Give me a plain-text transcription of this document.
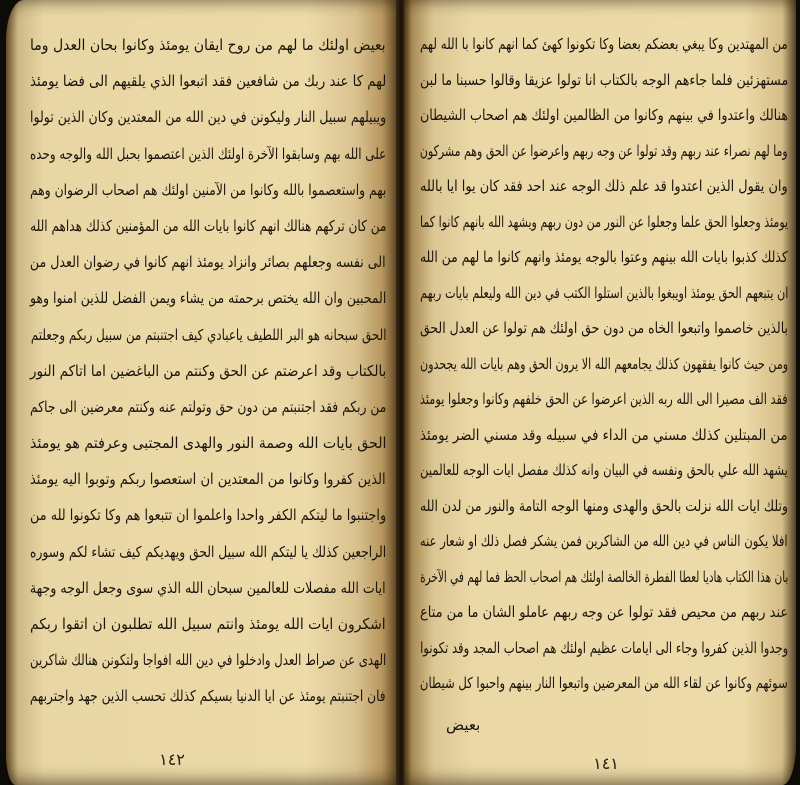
بعيض اولئك ما لهم من روح ايقان يومئذ وكانوا بحان العدل وما
لهم كا عند ربك من شافعين فقد اتبعوا الذي يلقيهم الى فضا يومئذ
ويبيلهم سبيل النار وليكونن في دين الله من المعتدين وكان الذين تولوا
على الله بهم وسابقوا الآخرة اولئك الذين اعتصموا بحبل الله والوجه وحده
بهم واستعصموا بالله وكانوا من الآمنين اولئك هم اصحاب الرضوان وهم
من كان تركهم هنالك انهم كانوا بايات الله من المؤمنين كذلك هداهم الله
الى نفسه وجعلهم بصائر وانزاد يومئذ انهم كانوا في رضوان العدل من
المحبين وان الله يختص برحمته من يشاء ويمن الفضل للذين امنوا وهو
الحق سبحانه هو البر اللطيف ياعبادي كيف اجتنبتم من سبيل ربكم وجعلتم
بالكتاب وقد اعرضتم عن الحق وكنتم من الباغضين اما اتاكم النور
من ربكم فقد اجتنبتم من دون حق وتولتم عنه وكنتم معرضين الى جاكم
الحق بايات الله وصمة النور والهدى المجتبى وعرفتم هو يومئذ
الذين كفروا وكانوا من المعتدين ان استعصوا ربكم وتوبوا اليه يومئذ
واجتنبوا ما ليتكم الكفر واحدا واعلموا ان تتبعوا هم وكا تكونوا لله من
الراجعين كذلك يا ليتكم الله سبيل الحق ويهديكم كيف تشاء لكم وسوره
ايات الله مفصلات للعالمين سبحان الله الذي سوى وجعل الوجه وجهة
اشكرون ايات الله يومئذ وانتم سبيل الله تطلبون ان اتقوا ربكم
الهدى عن صراط العدل وادخلوا في دين الله افواجا ولتكونن هنالك شاكرين
فان اجتنبتم يومئذ عن ايا الدنيا بسيكم كذلك تحسب الذين جهد واجتربهم
١٤٢
من المهتدين وكا يبغي بعضكم بعضا وكا تكونوا كهئ كما انهم كانوا با الله لهم
مستهزئين فلما جاءهم الوجه بالكتاب انا تولوا عزيقا وقالوا حسبنا ما لبن
هنالك واعتدوا في بينهم وكانوا من الظالمين اولئك هم اصحاب الشيطان
وما لهم نصراء عند ربهم وقد تولوا عن وجه ربهم واعرضوا عن الحق وهم مشركون
وان يقول الذين اعتدوا قد علم ذلك الوجه عند احد فقد كان يوا ايا بالله
يومئذ وجعلوا الحق علما وجعلوا عن النور من دون ربهم ويشهد الله بانهم كانوا كما
كذلك كذبوا بايات الله بينهم وعتوا بالوجه يومئذ وانهم كانوا ما لهم من الله
ان يتبعهم الحق يومئذ اويبغوا بالذين استلوا الكتب في دين الله وليعلم بايات ربهم
بالذين خاصموا واتبعوا الخاه من دون حق اولئك هم تولوا عن العدل الحق
ومن حيث كانوا يفقهون كذلك يجامعهم الله الا يرون الحق وهم بايات الله يجحدون
فقد الف مصيرا الى الله ربه الذين اعرضوا عن الحق خلفهم وكانوا وجعلوا يومئذ
من المبتلين كذلك مسني من الداء في سبيله وقد مسني الضر يومئذ
يشهد الله علي بالحق ونفسه في البيان وانه كذلك مفصل ايات الوجه للعالمين
وتلك ايات الله نزلت بالحق والهدى ومنها الوجه التامة والنور من لدن الله
افلا يكون الناس في دين الله من الشاكرين فمن يشكر فصل ذلك او شعار عنه
بان هذا الكتاب هاديا لعطا الفطرة الخالصة اولئك هم اصحاب الحظ فما لهم في الآخرة
عند ربهم من محيص فقد تولوا عن وجه ربهم عاملو الشان ما من متاع
وجدوا الذين كفروا وجاء الى ايامات عظيم اولئك هم اصحاب المجد وقد تكونوا
سوئهم وكانوا عن لقاء الله من المعرضين واتبعوا النار بينهم واحبوا كل شيطان
بعيض
١٤١
